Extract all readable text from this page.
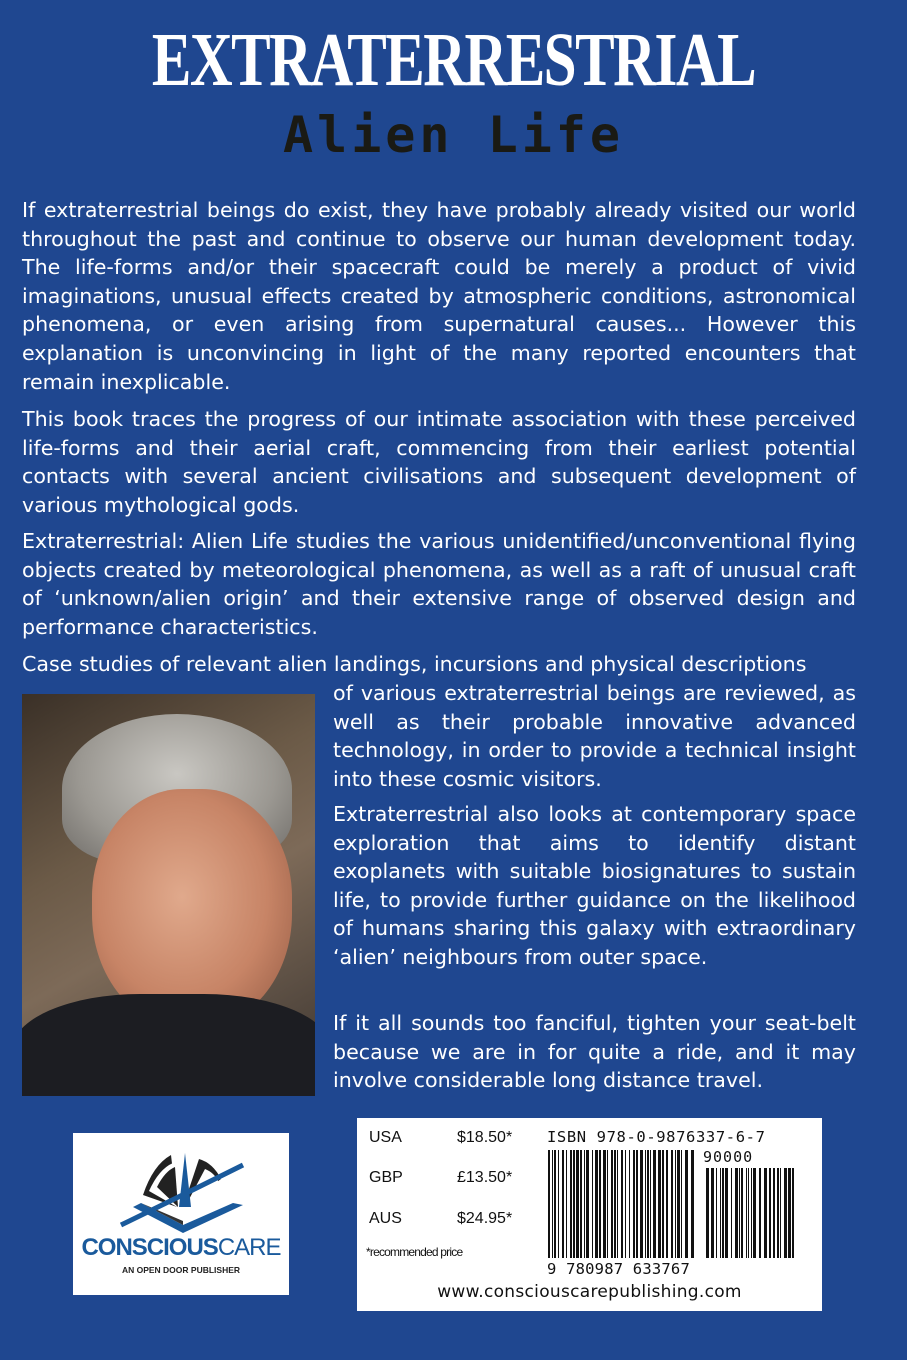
EXTRATERRESTRIAL
Alien Life

If extraterrestrial beings do exist, they have probably already visited our world throughout the past and continue to observe our human development today. The life-forms and/or their spacecraft could be merely a product of vivid imaginations, unusual effects created by atmospheric conditions, astronomical phenomena, or even arising from supernatural causes... However this explanation is unconvincing in light of the many reported encounters that remain inexplicable.

This book traces the progress of our intimate association with these perceived life-forms and their aerial craft, commencing from their earliest potential contacts with several ancient civilisations and subsequent development of various mythological gods.

Extraterrestrial: Alien Life studies the various unidentified/unconventional flying objects created by meteorological phenomena, as well as a raft of unusual craft of ‘unknown/alien origin’ and their extensive range of observed design and performance characteristics.

Case studies of relevant alien landings, incursions and physical descriptions

of various extraterrestrial beings are reviewed, as well as their probable innovative advanced technology, in order to provide a technical insight into these cosmic visitors.

Extraterrestrial also looks at contemporary space exploration that aims to identify distant exoplanets with suitable biosignatures to sustain life, to provide further guidance on the likelihood of humans sharing this galaxy with extraordinary ‘alien’ neighbours from outer space.

If it all sounds too fanciful, tighten your seat-belt because we are in for quite a ride, and it may involve considerable long distance travel.

CONSCIOUSCARE
AN OPEN DOOR PUBLISHER
USA	$18.50*
GBP	£13.50*
AUS	$24.95*
*recommended price
ISBN 978-0-9876337-6-7
90000
9 780987 633767
www.consciouscarepublishing.com
